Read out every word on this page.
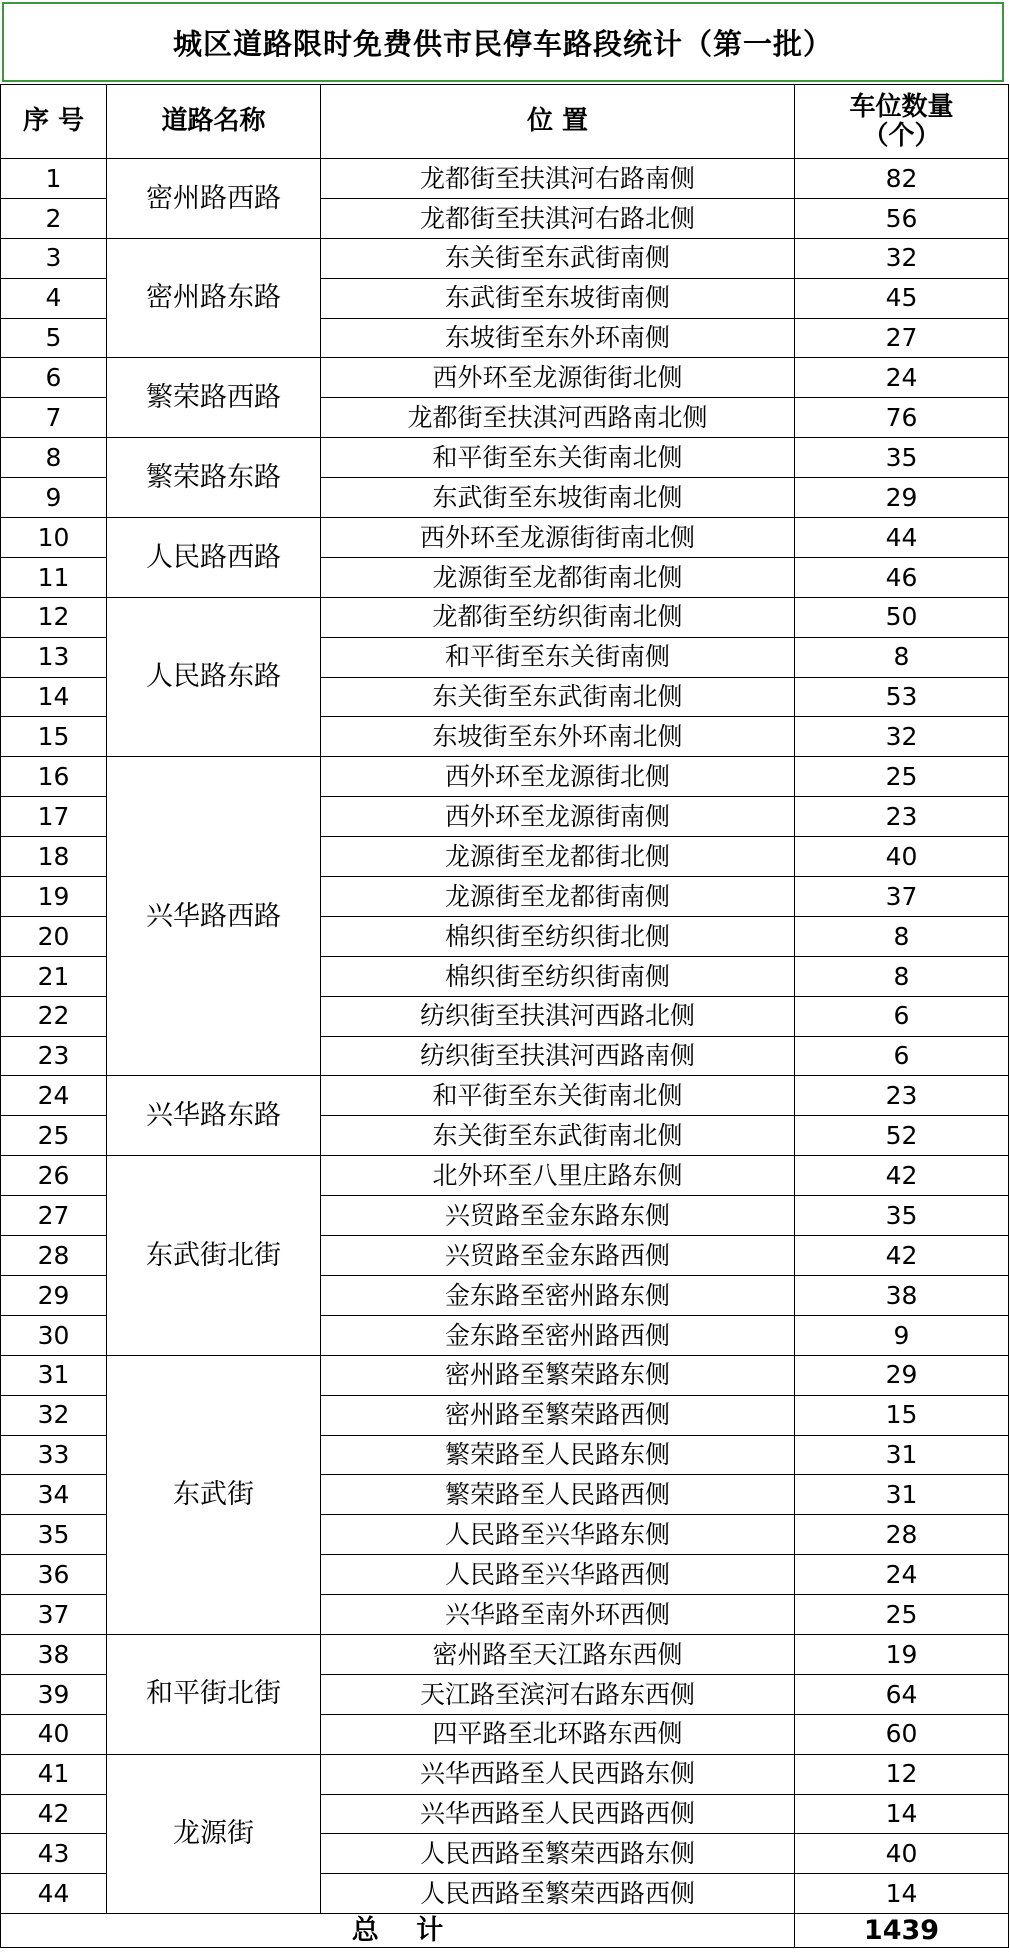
城区道路限时免费供市民停车路段统计（第一批）
序 号	道路名称	位 置	车位数量
（个）

1	密州路西路	龙都街至扶淇河右路南侧	82
2		龙都街至扶淇河右路北侧	56
3	密州路东路	东关街至东武街南侧	32
4		东武街至东坡街南侧	45
5		东坡街至东外环南侧	27
6	繁荣路西路	西外环至龙源街街北侧	24
7		龙都街至扶淇河西路南北侧	76
8	繁荣路东路	和平街至东关街南北侧	35
9		东武街至东坡街南北侧	29
10	人民路西路	西外环至龙源街街南北侧	44
11		龙源街至龙都街南北侧	46
12	人民路东路	龙都街至纺织街南北侧	50
13		和平街至东关街南侧	8
14		东关街至东武街南北侧	53
15		东坡街至东外环南北侧	32
16	兴华路西路	西外环至龙源街北侧	25
17		西外环至龙源街南侧	23
18		龙源街至龙都街北侧	40
19		龙源街至龙都街南侧	37
20		棉织街至纺织街北侧	8
21		棉织街至纺织街南侧	8
22		纺织街至扶淇河西路北侧	6
23		纺织街至扶淇河西路南侧	6
24	兴华路东路	和平街至东关街南北侧	23
25		东关街至东武街南北侧	52
26	东武街北街	北外环至八里庄路东侧	42
27		兴贸路至金东路东侧	35
28		兴贸路至金东路西侧	42
29		金东路至密州路东侧	38
30		金东路至密州路西侧	9
31	东武街	密州路至繁荣路东侧	29
32		密州路至繁荣路西侧	15
33		繁荣路至人民路东侧	31
34		繁荣路至人民路西侧	31
35		人民路至兴华路东侧	28
36		人民路至兴华路西侧	24
37		兴华路至南外环西侧	25
38	和平街北街	密州路至天江路东西侧	19
39		天江路至滨河右路东西侧	64
40		四平路至北环路东西侧	60
41	龙源街	兴华西路至人民西路东侧	12
42		兴华西路至人民西路西侧	14
43		人民西路至繁荣西路东侧	40
44		人民西路至繁荣西路西侧	14
总    计			1439
